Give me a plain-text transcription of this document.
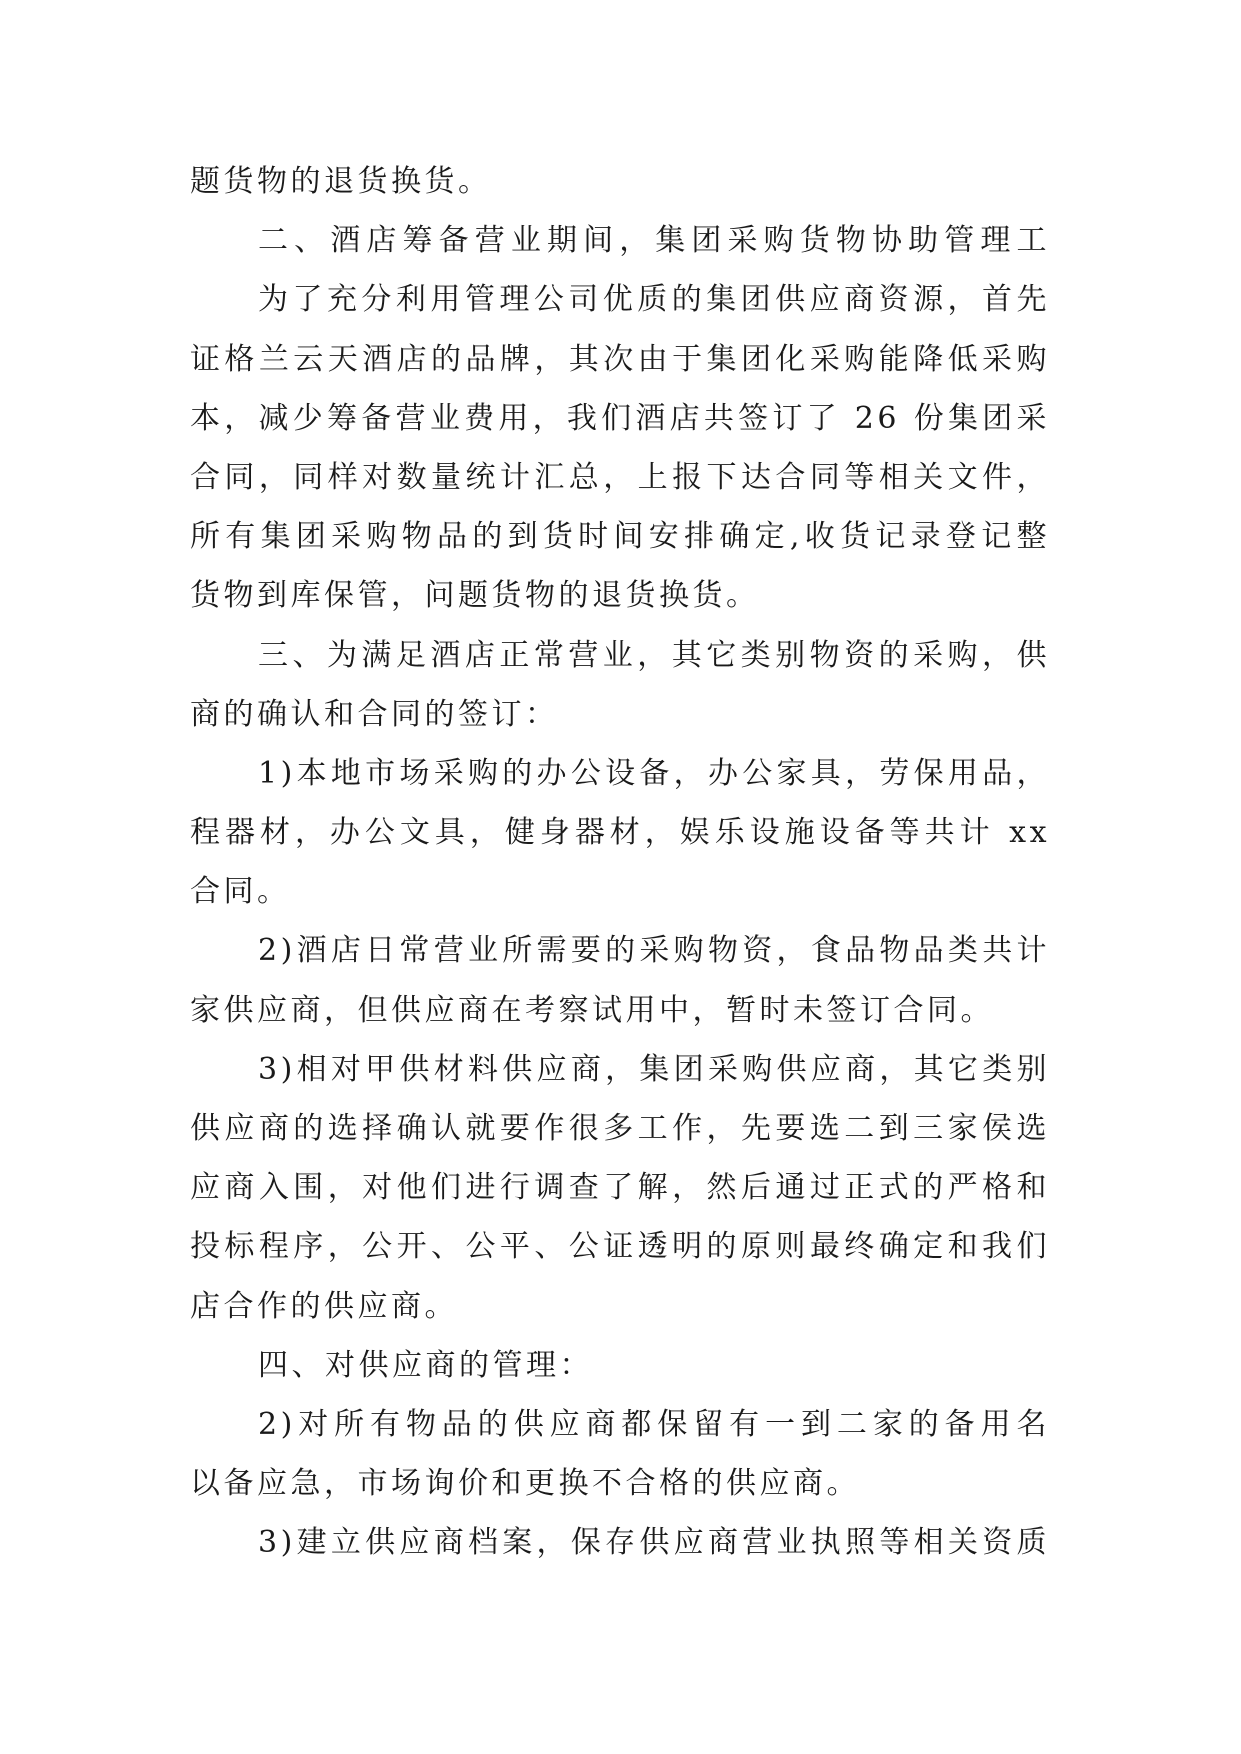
题货物的退货换货。
二、酒店筹备营业期间，集团采购货物协助管理工
为了充分利用管理公司优质的集团供应商资源，首先
证格兰云天酒店的品牌，其次由于集团化采购能降低采购
本，减少筹备营业费用，我们酒店共签订了 26 份集团采
合同，同样对数量统计汇总，上报下达合同等相关文件，
所有集团采购物品的到货时间安排确定,收货记录登记整
货物到库保管，问题货物的退货换货。
三、为满足酒店正常营业，其它类别物资的采购，供
商的确认和合同的签订：
1)本地市场采购的办公设备，办公家具，劳保用品，
程器材，办公文具，健身器材，娱乐设施设备等共计 xx
合同。
2)酒店日常营业所需要的采购物资，食品物品类共计
家供应商，但供应商在考察试用中，暂时未签订合同。
3)相对甲供材料供应商，集团采购供应商，其它类别
供应商的选择确认就要作很多工作，先要选二到三家侯选
应商入围，对他们进行调查了解，然后通过正式的严格和
投标程序，公开、公平、公证透明的原则最终确定和我们
店合作的供应商。
四、对供应商的管理：
2)对所有物品的供应商都保留有一到二家的备用名
以备应急，市场询价和更换不合格的供应商。
3)建立供应商档案，保存供应商营业执照等相关资质
